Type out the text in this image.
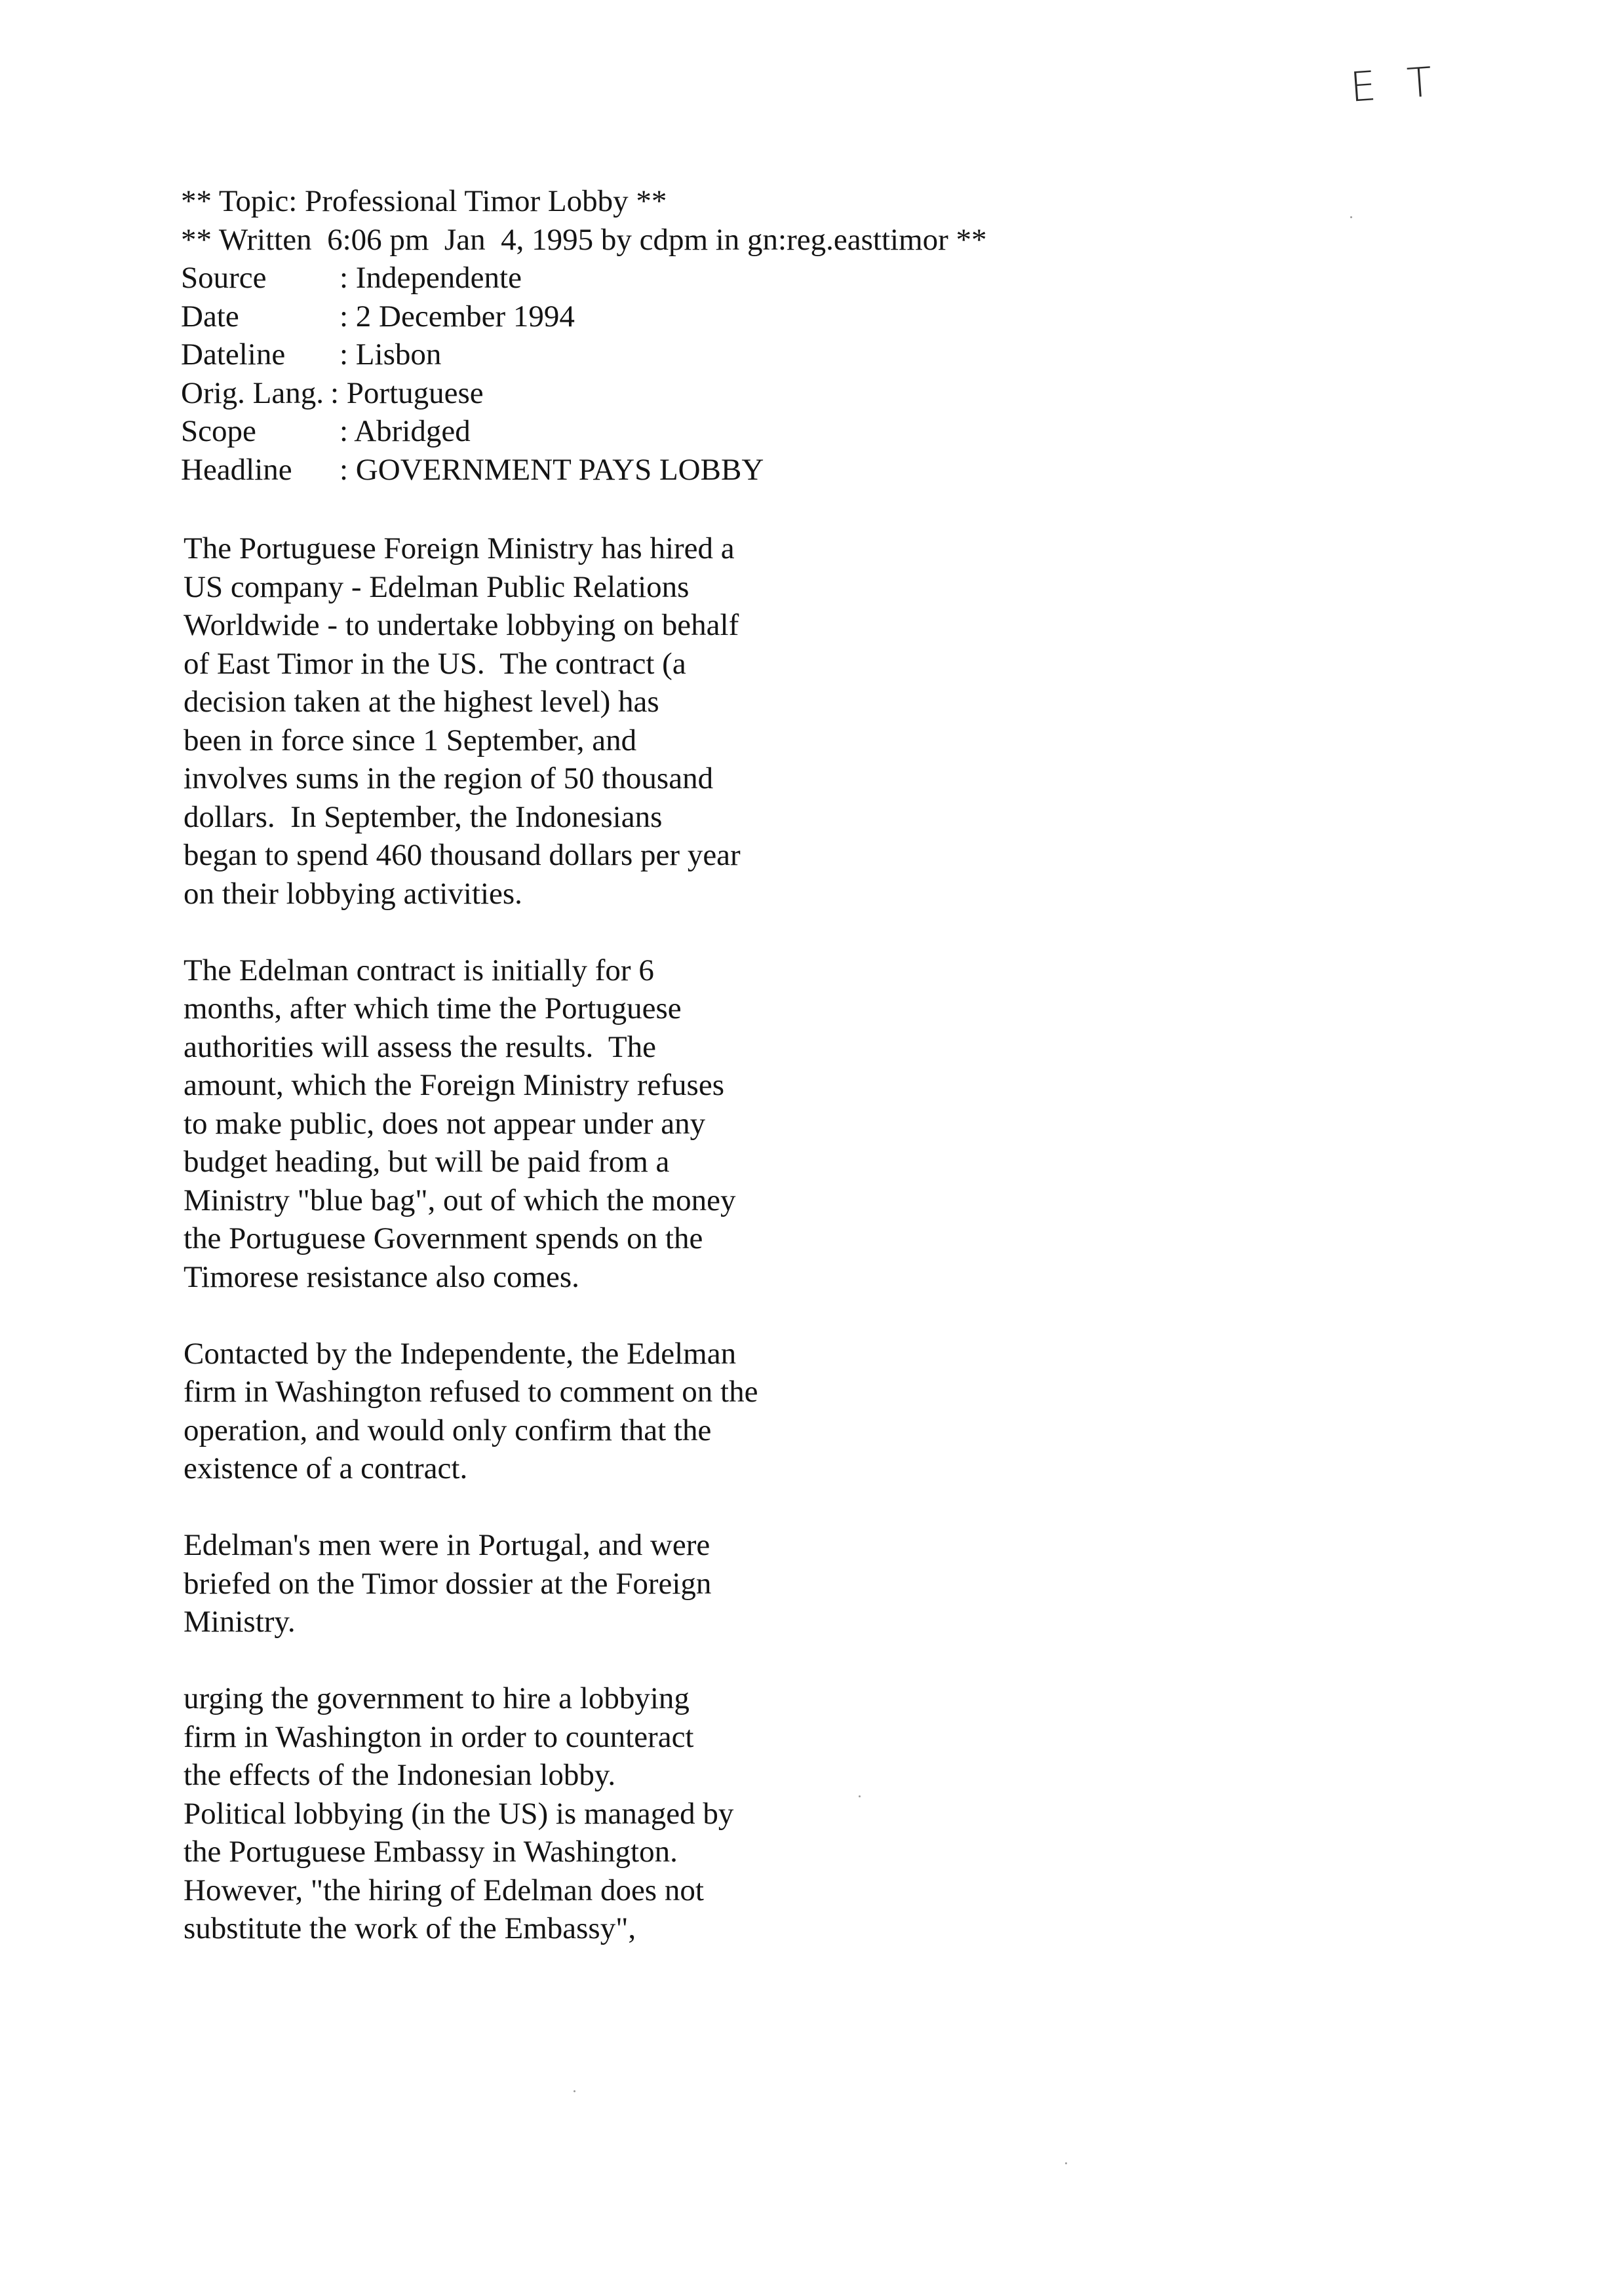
E T
** Topic: Professional Timor Lobby **
** Written  6:06 pm  Jan  4, 1995 by cdpm in gn:reg.easttimor **
Source	: Independente
Date	: 2 December 1994
Dateline	: Lisbon
Orig. Lang. : Portuguese
Scope	: Abridged
Headline	: GOVERNMENT PAYS LOBBY
The Portuguese Foreign Ministry has hired a
US company - Edelman Public Relations
Worldwide - to undertake lobbying on behalf
of East Timor in the US.  The contract (a
decision taken at the highest level) has
been in force since 1 September, and
involves sums in the region of 50 thousand
dollars.  In September, the Indonesians
began to spend 460 thousand dollars per year
on their lobbying activities.
The Edelman contract is initially for 6
months, after which time the Portuguese
authorities will assess the results.  The
amount, which the Foreign Ministry refuses
to make public, does not appear under any
budget heading, but will be paid from a
Ministry "blue bag", out of which the money
the Portuguese Government spends on the
Timorese resistance also comes.
Contacted by the Independente, the Edelman
firm in Washington refused to comment on the
operation, and would only confirm that the
existence of a contract.
Edelman's men were in Portugal, and were
briefed on the Timor dossier at the Foreign
Ministry.
urging the government to hire a lobbying
firm in Washington in order to counteract
the effects of the Indonesian lobby.
Political lobbying (in the US) is managed by
the Portuguese Embassy in Washington.
However, "the hiring of Edelman does not
substitute the work of the Embassy",
